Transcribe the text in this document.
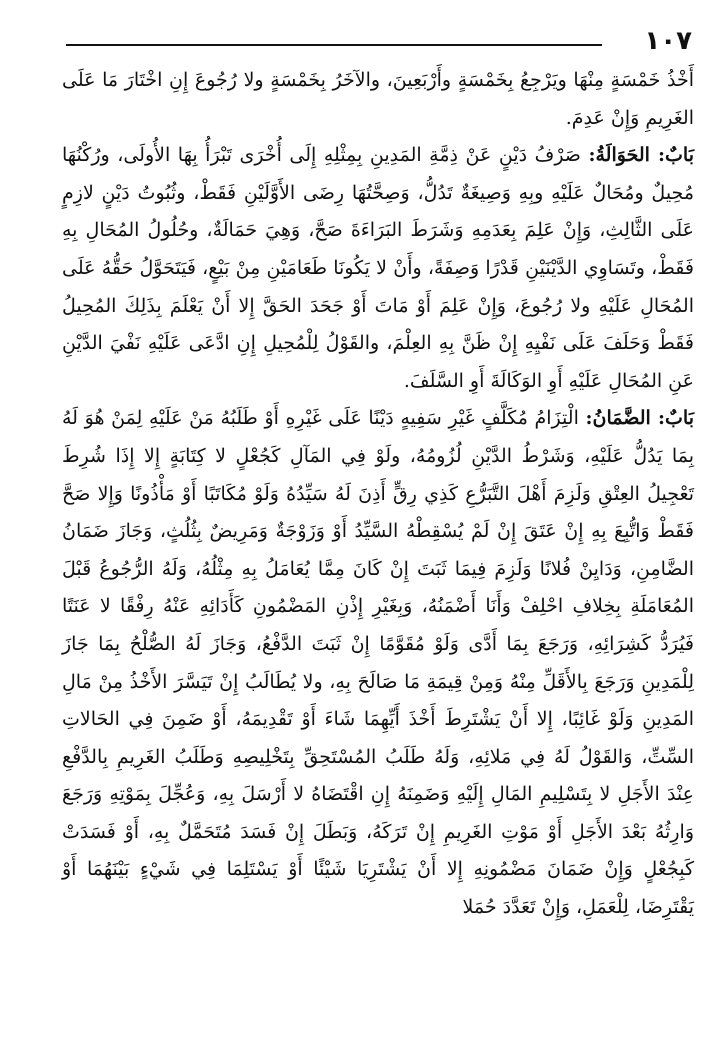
١٠٧

أَخْذُ خَمْسَةٍ مِنْهَا ويَرْجِعُ بِخَمْسَةٍ وأَرْبَعِينَ، والآخَرُ بِخَمْسَةٍ ولا رُجُوعَ إِنِ اخْتَارَ مَا عَلَى الغَرِيمِ وَإِنْ عَدِمَ.

بَابٌ: الحَوَالَةُ: صَرْفُ دَيْنٍ عَنْ ذِمَّةِ المَدِينِ بِمِثْلِهِ إِلَى أُخْرَى تَبْرَأُ بِهَا الأُولَى، ورُكْنُهَا مُحِيلٌ ومُحَالٌ عَلَيْهِ وبِهِ وَصِيغَةٌ تَدُلُّ، وَصِحَّتُهَا رِضَى الأَوَّلَيْنِ فَقَطْ، وثُبُوتُ دَيْنٍ لازِمٍ عَلَى الثَّالِثِ، وَإِنْ عَلِمَ بِعَدَمِهِ وَشَرَطَ البَرَاءَةَ صَحَّ، وَهِيَ حَمَالَةٌ، وحُلُولُ المُحَالِ بِهِ فَقَطْ، وتَسَاوِي الدَّيْنَيْنِ قَدْرًا وَصِفَةً، وأَنْ لا يَكُونَا طَعَامَيْنِ مِنْ بَيْعٍ، فَيَتَحَوَّلُ حَقُّهُ عَلَى المُحَالِ عَلَيْهِ ولا رُجُوعَ، وَإِنْ عَلِمَ أَوْ مَاتَ أَوْ جَحَدَ الحَقَّ إِلا أَنْ يَعْلَمَ بِذَلِكَ المُحِيلُ فَقَطْ وَحَلَفَ عَلَى نَفْيِهِ إِنْ ظَنَّ بِهِ العِلْمَ، والقَوْلُ لِلْمُحِيلِ إِنِ ادَّعَى عَلَيْهِ نَفْيَ الدَّيْنِ عَنِ المُحَالِ عَلَيْهِ أَوِ الوَكَالَةَ أَوِ السَّلَفَ.

بَابٌ: الضَّمَانُ: الْتِزَامُ مُكَلَّفٍ غَيْرِ سَفِيهٍ دَيْنًا عَلَى غَيْرِهِ أَوْ طَلَبُهُ مَنْ عَلَيْهِ لِمَنْ هُوَ لَهُ بِمَا يَدُلُّ عَلَيْهِ، وَشَرْطُ الدَّيْنِ لُزُومُهُ، ولَوْ فِي المَآلِ كَجُعْلٍ لا كِتَابَةٍ إِلا إِذَا شُرِطَ تَعْجِيلُ العِتْقِ وَلَزِمَ أَهْلَ التَّبَرُّعِ كَذِي رِقٍّ أَذِنَ لَهُ سَيِّدُهُ وَلَوْ مُكَاتَبًا أَوْ مَأْذُونًا وَإِلا صَحَّ فَقَطْ وَاتُّبِعَ بِهِ إِنْ عَتَقَ إِنْ لَمْ يُسْقِطْهُ السَّيِّدُ أَوْ وَزَوْجَةٌ وَمَرِيضٌ بِثُلُثٍ، وَجَازَ ضَمَانُ الضَّامِنِ، وَدَايِنْ فُلانًا وَلَزِمَ فِيمَا ثَبَتَ إِنْ كَانَ مِمَّا يُعَامَلُ بِهِ مِثْلُهُ، وَلَهُ الرُّجُوعُ قَبْلَ المُعَامَلَةِ بِخِلافِ احْلِفْ وَأَنَا أَضْمَنُهُ، وَبِغَيْرِ إِذْنِ المَضْمُونِ كَأَدَائِهِ عَنْهُ رِفْقًا لا عَنَتًا فَيُرَدُّ كَشِرَائِهِ، وَرَجَعَ بِمَا أَدَّى وَلَوْ مُقَوَّمًا إِنْ ثَبَتَ الدَّفْعُ، وَجَازَ لَهُ الصُّلْحُ بِمَا جَازَ لِلْمَدِينِ وَرَجَعَ بِالأَقَلِّ مِنْهُ وَمِنْ قِيمَةِ مَا صَالَحَ بِهِ، ولا يُطَالَبُ إِنْ تَيَسَّرَ الأَخْذُ مِنْ مَالِ المَدِينِ وَلَوْ غَائِبًا، إِلا أَنْ يَشْتَرِطَ أَخْذَ أَيِّهِمَا شَاءَ أَوْ تَقْدِيمَهُ، أَوْ ضَمِنَ فِي الحَالاتِ السِّتِّ، وَالقَوْلُ لَهُ فِي مَلائِهِ، وَلَهُ طَلَبُ المُسْتَحِقِّ بِتَخْلِيصِهِ وَطَلَبُ الغَرِيمِ بِالدَّفْعِ عِنْدَ الأَجَلِ لا بِتَسْلِيمِ المَالِ إِلَيْهِ وَضَمِنَهُ إِنِ اقْتَضَاهُ لا أَرْسَلَ بِهِ، وَعُجِّلَ بِمَوْتِهِ وَرَجَعَ وَارِثُهُ بَعْدَ الأَجَلِ أَوْ مَوْتِ الغَرِيمِ إِنْ تَرَكَهُ، وَبَطَلَ إِنْ فَسَدَ مُتَحَمَّلٌ بِهِ، أَوْ فَسَدَتْ كَبِجُعْلٍ وَإِنْ ضَمَانَ مَضْمُونِهِ إِلا أَنْ يَشْتَرِيَا شَيْئًا أَوْ يَسْتَلِمَا فِي شَيْءٍ بَيْنَهُمَا أَوْ يَقْتَرِضَا، لِلْعَمَلِ، وَإِنْ تَعَدَّدَ حُمَلا
